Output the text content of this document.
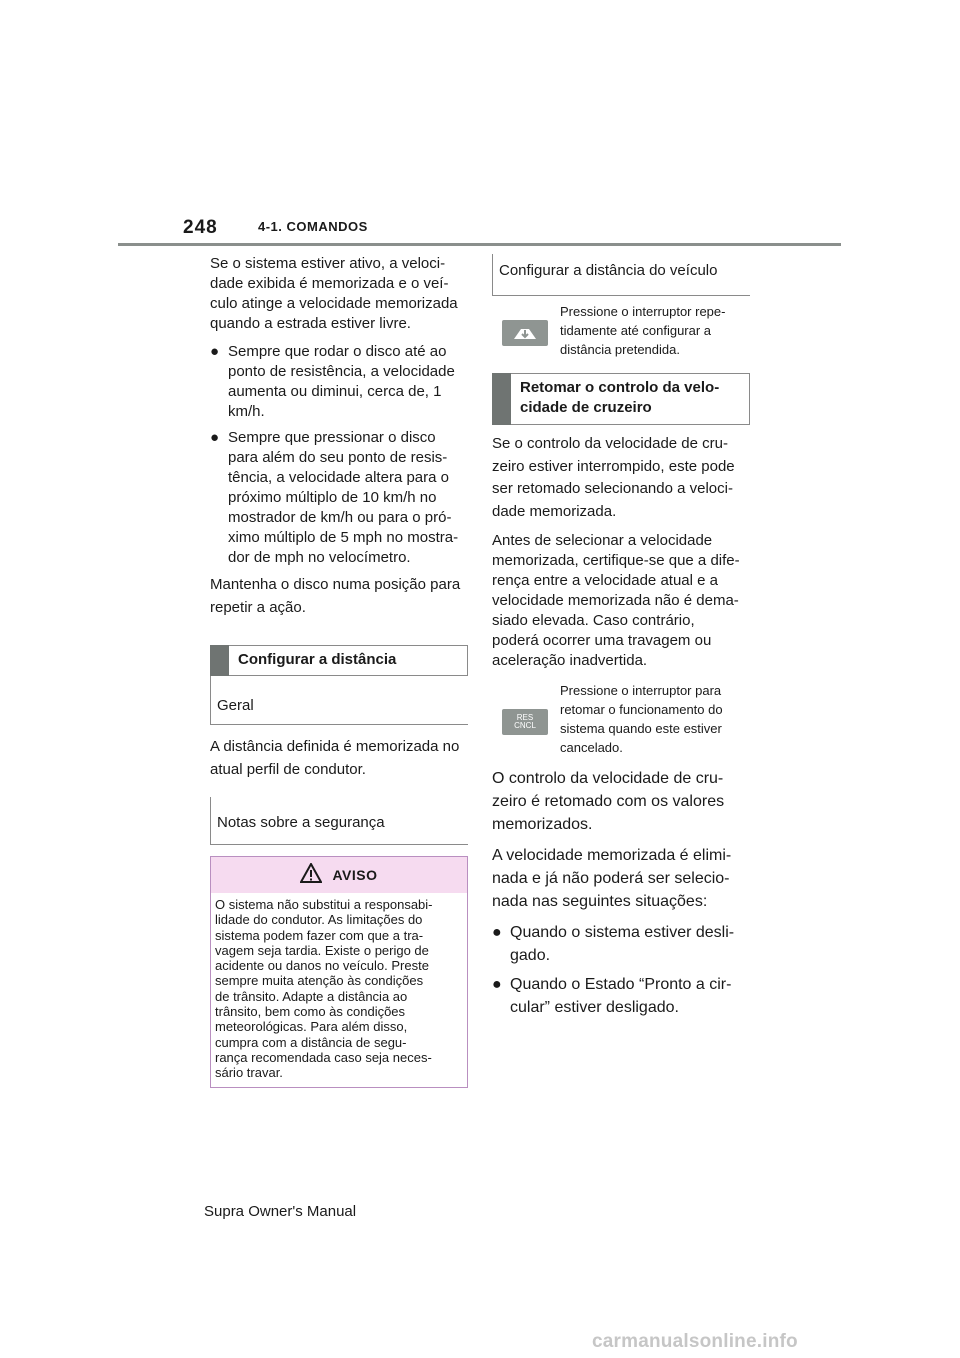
248	4-1. COMANDOS
Se o sistema estiver ativo, a veloci-
dade exibida é memorizada e o veí-
culo atinge a velocidade memorizada
quando a estrada estiver livre.
● Sempre que rodar o disco até ao
ponto de resistência, a velocidade
aumenta ou diminui, cerca de, 1
km/h.
● Sempre que pressionar o disco
para além do seu ponto de resis-
tência, a velocidade altera para o
próximo múltiplo de 10 km/h no
mostrador de km/h ou para o pró-
ximo múltiplo de 5 mph no mostra-
dor de mph no velocímetro.
Mantenha o disco numa posição para
repetir a ação.
Configurar a distância
Geral
A distância definida é memorizada no
atual perfil de condutor.
Notas sobre a segurança
AVISO
O sistema não substitui a responsabi-
lidade do condutor. As limitações do
sistema podem fazer com que a tra-
vagem seja tardia. Existe o perigo de
acidente ou danos no veículo. Preste
sempre muita atenção às condições
de trânsito. Adapte a distância ao
trânsito, bem como às condições
meteorológicas. Para além disso,
cumpra com a distância de segu-
rança recomendada caso seja neces-
sário travar.
Configurar a distância do veículo
Pressione o interruptor repe-
tidamente até configurar a
distância pretendida.
Retomar o controlo da velo-
cidade de cruzeiro
Se o controlo da velocidade de cru-
zeiro estiver interrompido, este pode
ser retomado selecionando a veloci-
dade memorizada.
Antes de selecionar a velocidade
memorizada, certifique-se que a dife-
rença entre a velocidade atual e a
velocidade memorizada não é dema-
siado elevada. Caso contrário,
poderá ocorrer uma travagem ou
aceleração inadvertida.
RES
CNCL
Pressione o interruptor para
retomar o funcionamento do
sistema quando este estiver
cancelado.
O controlo da velocidade de cru-
zeiro é retomado com os valores
memorizados.
A velocidade memorizada é elimi-
nada e já não poderá ser selecio-
nada nas seguintes situações:
● Quando o sistema estiver desli-
gado.
● Quando o Estado “Pronto a cir-
cular” estiver desligado.
Supra Owner's Manual
carmanualsonline.info
